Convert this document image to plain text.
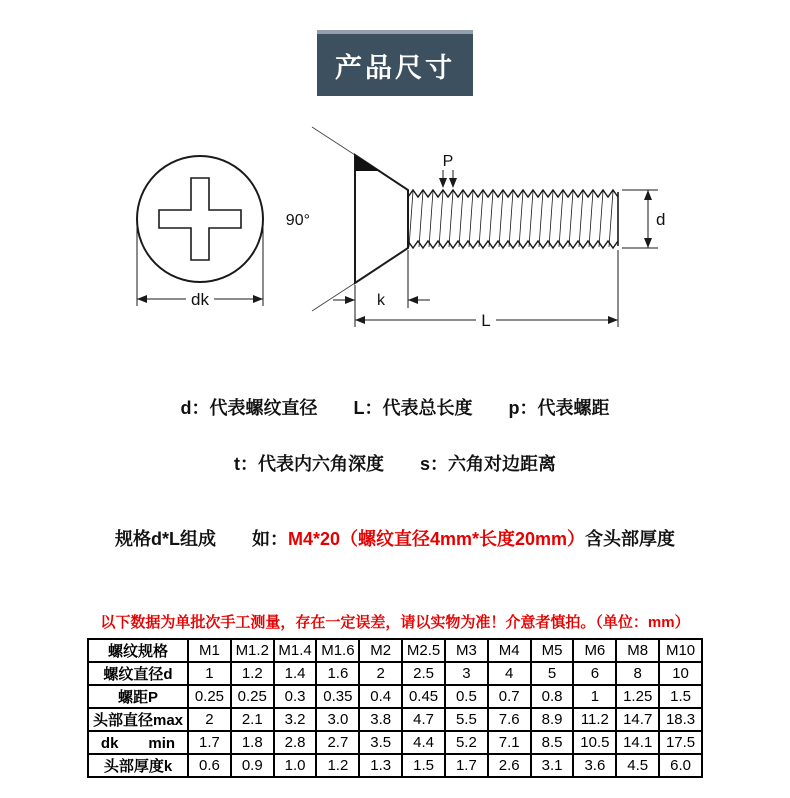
产品尺寸
dk
90°
P
k
L
d
d：代表螺纹直径　　L：代表总长度　　p：代表螺距
t：代表内六角深度　　s：六角对边距离
规格d*L组成　　如：M4*20（螺纹直径4mm*长度20mm）含头部厚度
以下数据为单批次手工测量，存在一定误差，请以实物为准！介意者慎拍。（单位：mm）
螺纹规格	M1	M1.2	M1.4	M1.6	M2	M2.5	M3	M4	M5	M6	M8	M10
螺纹直径d	1	1.2	1.4	1.6	2	2.5	3	4	5	6	8	10
螺距P	0.25	0.25	0.3	0.35	0.4	0.45	0.5	0.7	0.8	1	1.25	1.5
头部直径max	2	2.1	3.2	3.0	3.8	4.7	5.5	7.6	8.9	11.2	14.7	18.3
dk　　min	1.7	1.8	2.8	2.7	3.5	4.4	5.2	7.1	8.5	10.5	14.1	17.5
头部厚度k	0.6	0.9	1.0	1.2	1.3	1.5	1.7	2.6	3.1	3.6	4.5	6.0
